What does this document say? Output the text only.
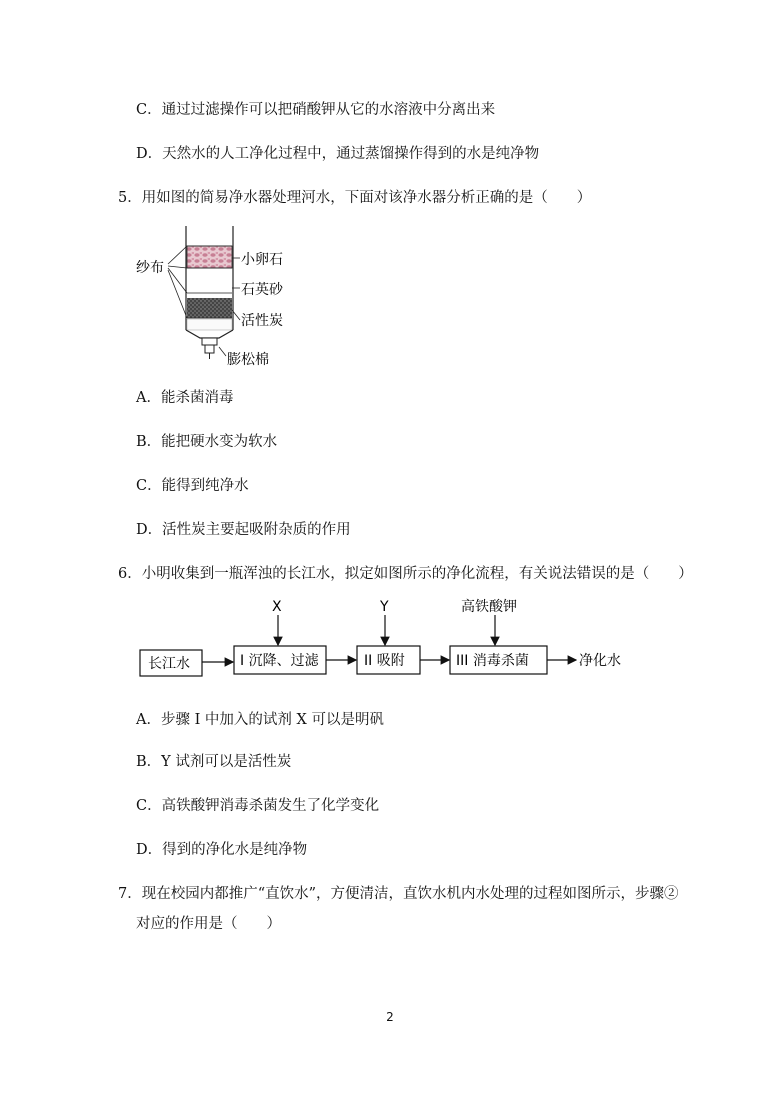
C．通过过滤操作可以把硝酸钾从它的水溶液中分离出来
D．天然水的人工净化过程中，通过蒸馏操作得到的水是纯净物
5．用如图的简易净水器处理河水，下面对该净水器分析正确的是（　　）
纱布	小卵石
石英砂
活性炭
膨松棉
A．能杀菌消毒
B．能把硬水变为软水
C．能得到纯净水
D．活性炭主要起吸附杂质的作用
6．小明收集到一瓶浑浊的长江水，拟定如图所示的净化流程，有关说法错误的是（　　）
长江水	I 沉降、过滤	II 吸附	III 消毒杀菌	净化水
X	Y	高铁酸钾
A．步骤 I 中加入的试剂 X 可以是明矾
B．Y 试剂可以是活性炭
C．高铁酸钾消毒杀菌发生了化学变化
D．得到的净化水是纯净物
7．现在校园内都推广“直饮水”，方便清洁，直饮水机内水处理的过程如图所示，步骤②
对应的作用是（　　）
2
